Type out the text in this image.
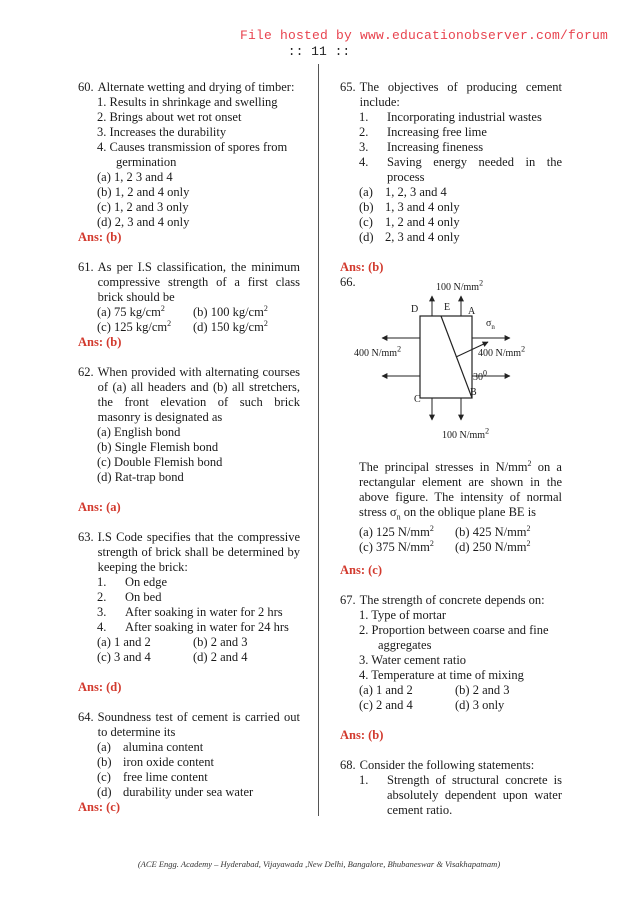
File hosted by www.educationobserver.com/forum
:: 11 ::
60. Alternate wetting and drying of timber:
1. Results in shrinkage and swelling
2. Brings about wet rot onset
3. Increases the durability
4. Causes transmission of spores from
germination
(a) 1, 2 3 and 4
(b) 1, 2 and 4 only
(c) 1, 2 and 3 only
(d) 2, 3 and 4 only
Ans: (b)
61. As per I.S classification, the minimum compressive strength of a first class brick should be
(a) 75 $kg/cm^2$	(b) 100 $kg/cm^2$
(c) 125 $kg/cm^2$	(d) 150 $kg/cm^2$
Ans: (b)
62. When provided with alternating courses of (a) all headers and (b) all stretchers, the front elevation of such brick masonry is designated as
(a) English bond
(b) Single Flemish bond
(c) Double Flemish bond
(d) Rat-trap bond
Ans: (a)
63. I.S Code specifies that the compressive strength of brick shall be determined by keeping the brick:
1.	On edge
2.	On bed
3.	After soaking in water for 2 hrs
4.	After soaking in water for 24 hrs
(a) 1 and 2	(b) 2 and 3
(c) 3 and 4	(d) 2 and 4
Ans: (d)
64. Soundness test of cement is carried out to determine its
(a) alumina content
(b) iron oxide content
(c) free lime content
(d) durability under sea water
Ans: (c)
65. The objectives of producing cement include:
1.	Incorporating industrial wastes
2.	Increasing free lime
3.	Increasing fineness
4.	Saving energy needed in the process
(a) 1, 2, 3 and 4
(b) 1, 3 and 4 only
(c) 1, 2 and 4 only
(d) 2, 3 and 4 only
Ans: (b)
66.	100 $N/mm^2$
D	E A
$\sigma_n$
400 $N/mm^2$	400 $N/mm^2$
$30^0$
B
C
100 $N/mm^2$
The principal stresses in $N/mm^2$ on a rectangular element are shown in the above figure. The intensity of normal stress $\sigma_n$ on the oblique plane BE is
(a) 125 $N/mm^2$	(b) 425 $N/mm^2$
(c) 375 $N/mm^2$	(d) 250 $N/mm^2$
Ans: (c)
67. The strength of concrete depends on:
1. Type of mortar
2. Proportion between coarse and fine
aggregates
3. Water cement ratio
4. Temperature at time of mixing
(a) 1 and 2	(b) 2 and 3
(c) 2 and 4	(d) 3 only
Ans: (b)
68. Consider the following statements:
1.	Strength of structural concrete is absolutely dependent upon water cement ratio.
(ACE Engg. Academy – Hyderabad, Vijayawada ,New Delhi, Bangalore, Bhubaneswar & Visakhapatnam)
